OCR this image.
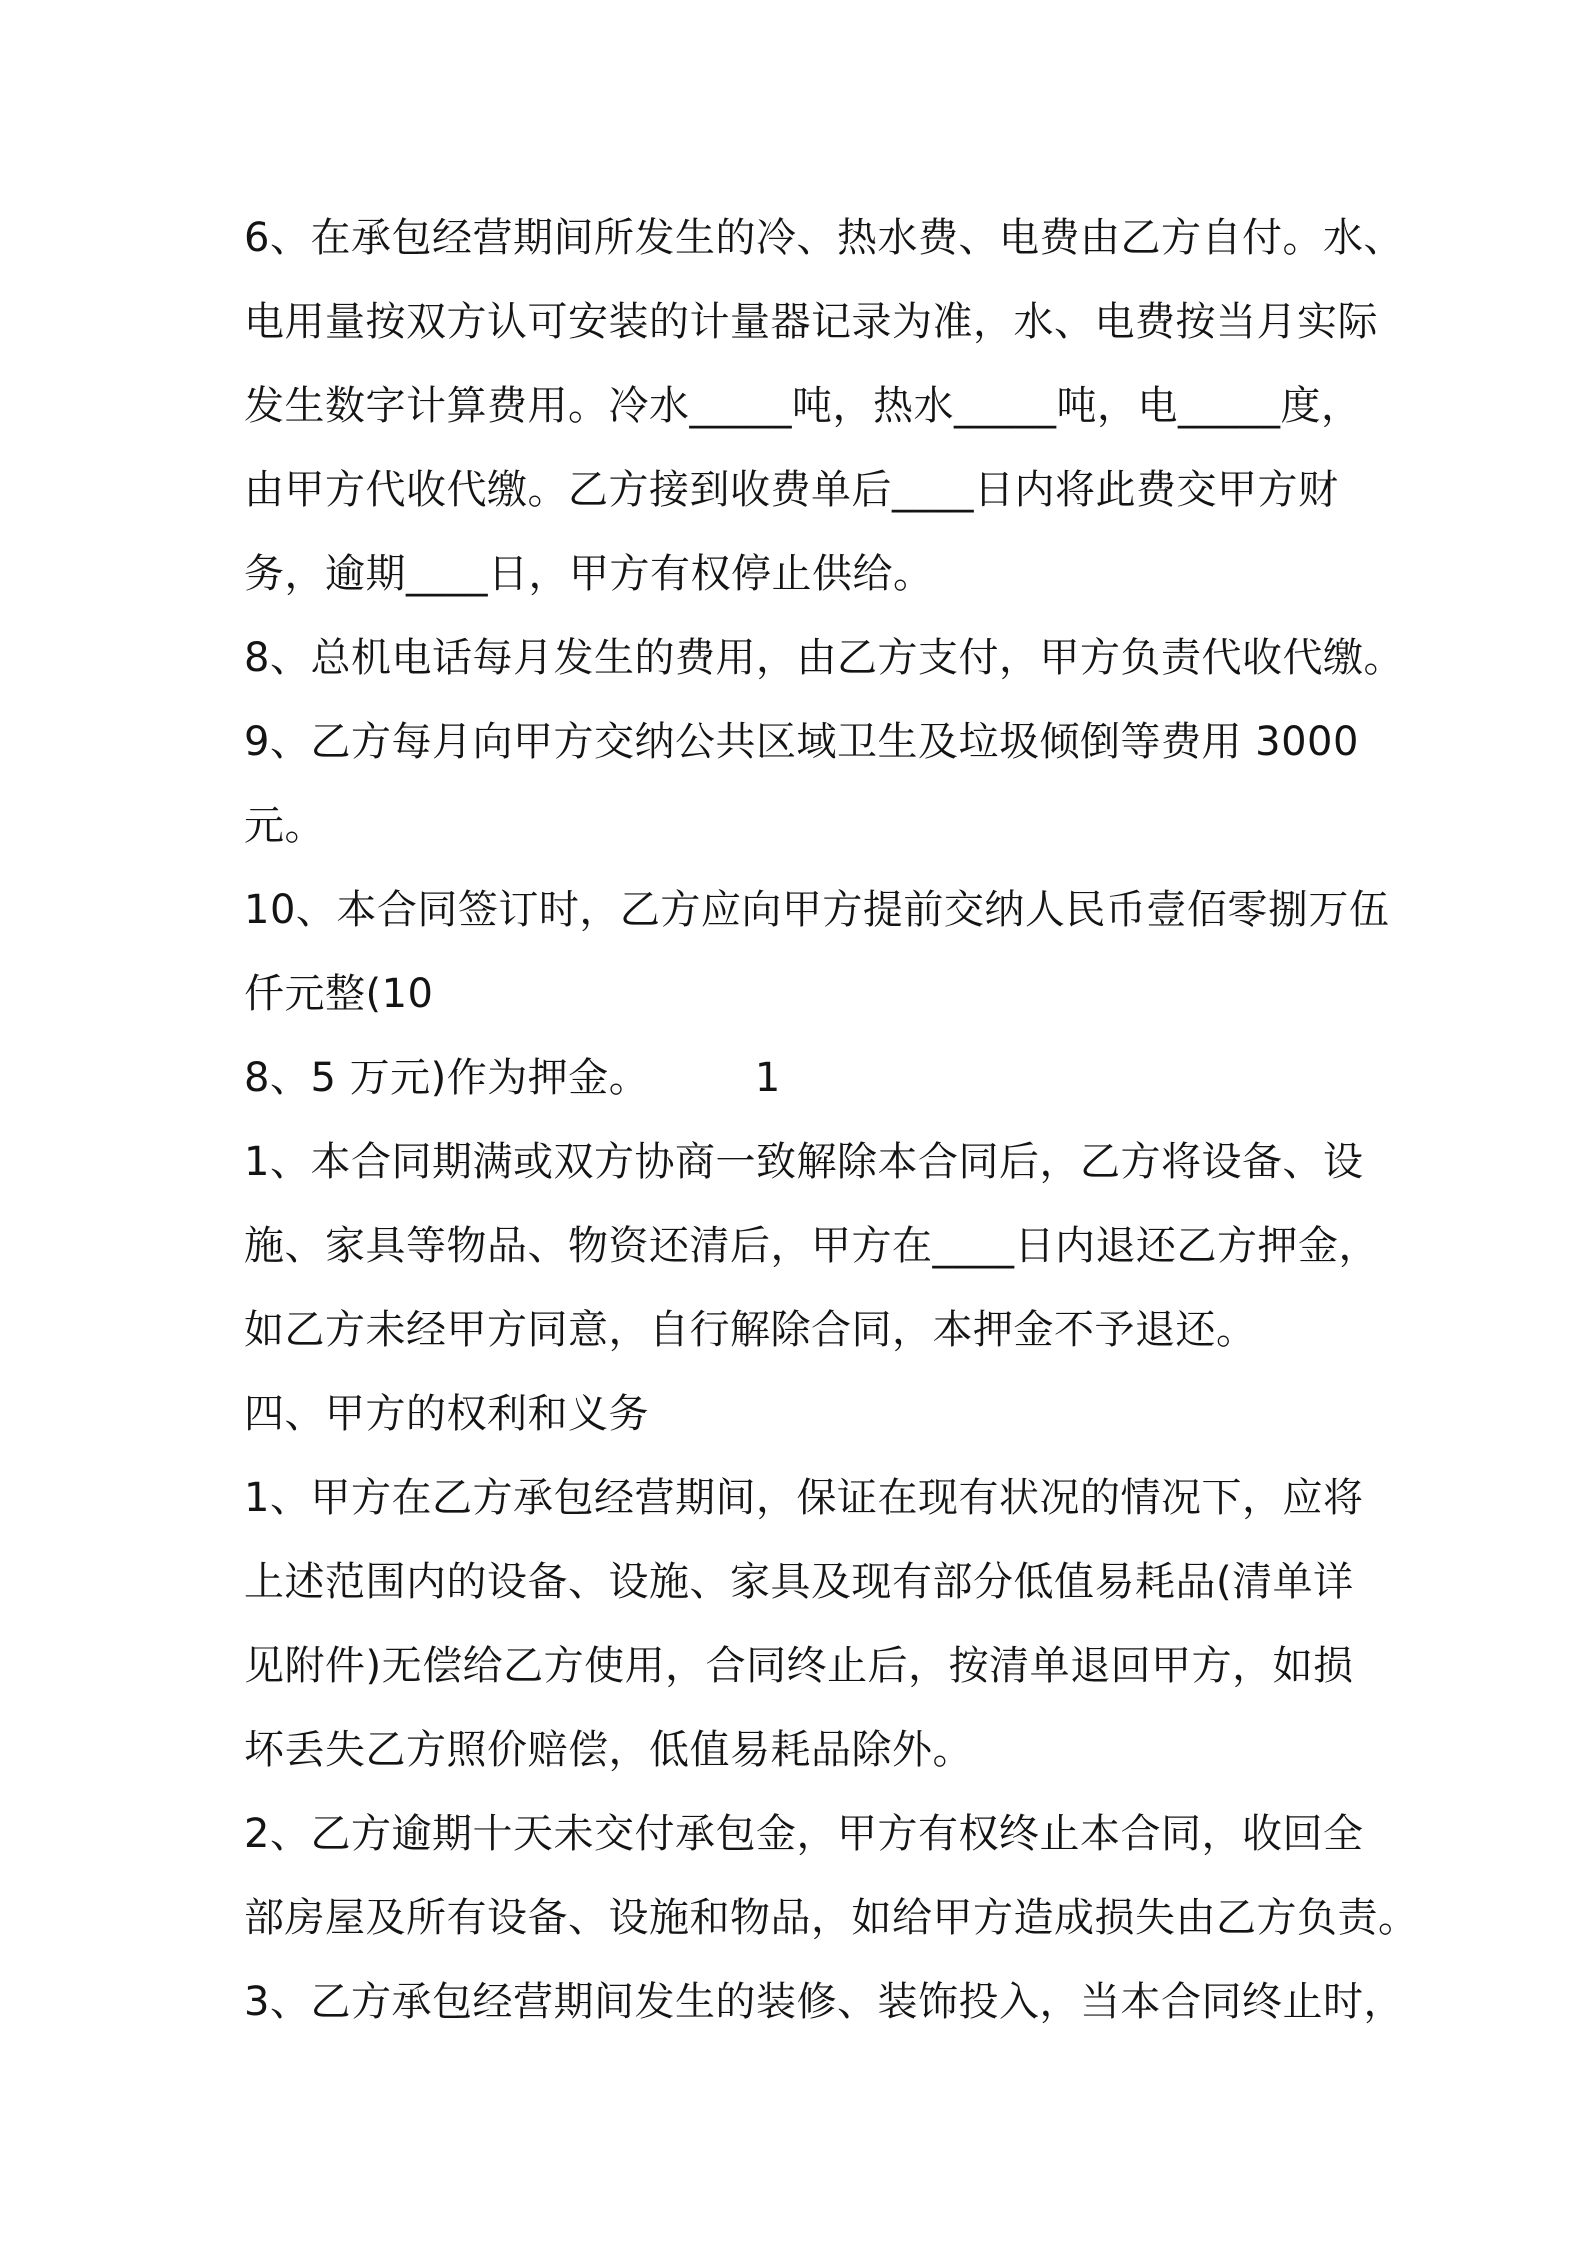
6、在承包经营期间所发生的冷、热水费、电费由乙方自付。水、
电用量按双方认可安装的计量器记录为准，水、电费按当月实际
发生数字计算费用。冷水_____吨，热水_____吨，电_____度，
由甲方代收代缴。乙方接到收费单后____日内将此费交甲方财
务，逾期____日，甲方有权停止供给。
8、总机电话每月发生的费用，由乙方支付，甲方负责代收代缴。
9、乙方每月向甲方交纳公共区域卫生及垃圾倾倒等费用 3000
元。
10、本合同签订时，乙方应向甲方提前交纳人民币壹佰零捌万伍
仟元整(10
8、5 万元)作为押金。        1
1、本合同期满或双方协商一致解除本合同后，乙方将设备、设
施、家具等物品、物资还清后，甲方在____日内退还乙方押金，
如乙方未经甲方同意，自行解除合同，本押金不予退还。
四、甲方的权利和义务
1、甲方在乙方承包经营期间，保证在现有状况的情况下，应将
上述范围内的设备、设施、家具及现有部分低值易耗品(清单详
见附件)无偿给乙方使用，合同终止后，按清单退回甲方，如损
坏丢失乙方照价赔偿，低值易耗品除外。
2、乙方逾期十天未交付承包金，甲方有权终止本合同，收回全
部房屋及所有设备、设施和物品，如给甲方造成损失由乙方负责。
3、乙方承包经营期间发生的装修、装饰投入，当本合同终止时，
